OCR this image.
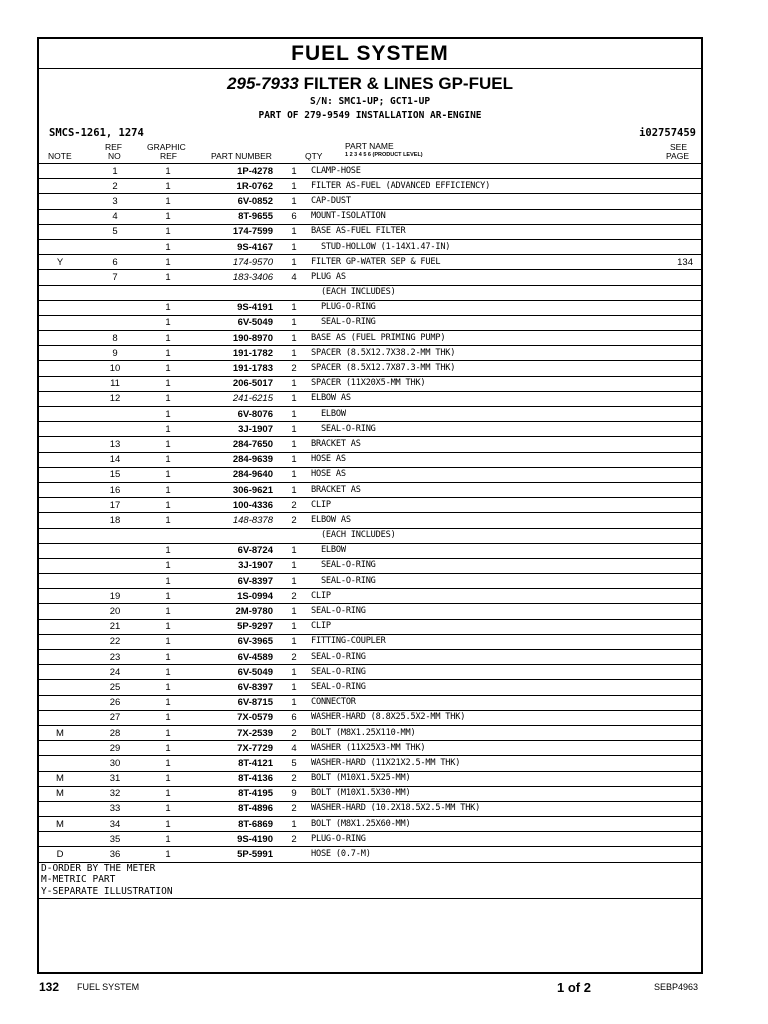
FUEL SYSTEM
295-7933 FILTER & LINES GP-FUEL
S/N: SMC1-UP; GCT1-UP
PART OF 279-9549 INSTALLATION AR-ENGINE
SMCS-1261, 1274	i02757459
NOTE
REF
NO
GRAPHIC
REF	PART NUMBER	QTY
PART NAME
1 2 3 4 5 6 (PRODUCT LEVEL)
SEE
PAGE
	1	1	1P-4278	1	CLAMP-HOSE	
	2	1	1R-0762	1	FILTER AS-FUEL (ADVANCED EFFICIENCY)	
	3	1	6V-0852	1	CAP-DUST	
	4	1	8T-9655	6	MOUNT-ISOLATION	
	5	1	174-7599	1	BASE AS-FUEL FILTER	
		1	9S-4167	1	STUD-HOLLOW (1-14X1.47-IN)	
Y	6	1	174-9570	1	FILTER GP-WATER SEP & FUEL	134
	7	1	183-3406	4	PLUG AS	
					(EACH INCLUDES)	
		1	9S-4191	1	PLUG-O-RING	
		1	6V-5049	1	SEAL-O-RING	
	8	1	190-8970	1	BASE AS (FUEL PRIMING PUMP)	
	9	1	191-1782	1	SPACER (8.5X12.7X38.2-MM THK)	
	10	1	191-1783	2	SPACER (8.5X12.7X87.3-MM THK)	
	11	1	206-5017	1	SPACER (11X20X5-MM THK)	
	12	1	241-6215	1	ELBOW AS	
		1	6V-8076	1	ELBOW	
		1	3J-1907	1	SEAL-O-RING	
	13	1	284-7650	1	BRACKET AS	
	14	1	284-9639	1	HOSE AS	
	15	1	284-9640	1	HOSE AS	
	16	1	306-9621	1	BRACKET AS	
	17	1	100-4336	2	CLIP	
	18	1	148-8378	2	ELBOW AS	
					(EACH INCLUDES)	
		1	6V-8724	1	ELBOW	
		1	3J-1907	1	SEAL-O-RING	
		1	6V-8397	1	SEAL-O-RING	
	19	1	1S-0994	2	CLIP	
	20	1	2M-9780	1	SEAL-O-RING	
	21	1	5P-9297	1	CLIP	
	22	1	6V-3965	1	FITTING-COUPLER	
	23	1	6V-4589	2	SEAL-O-RING	
	24	1	6V-5049	1	SEAL-O-RING	
	25	1	6V-8397	1	SEAL-O-RING	
	26	1	6V-8715	1	CONNECTOR	
	27	1	7X-0579	6	WASHER-HARD (8.8X25.5X2-MM THK)	
M	28	1	7X-2539	2	BOLT (M8X1.25X110-MM)	
	29	1	7X-7729	4	WASHER (11X25X3-MM THK)	
	30	1	8T-4121	5	WASHER-HARD (11X21X2.5-MM THK)	
M	31	1	8T-4136	2	BOLT (M10X1.5X25-MM)	
M	32	1	8T-4195	9	BOLT (M10X1.5X30-MM)	
	33	1	8T-4896	2	WASHER-HARD (10.2X18.5X2.5-MM THK)	
M	34	1	8T-6869	1	BOLT (M8X1.25X60-MM)	
	35	1	9S-4190	2	PLUG-O-RING	
D	36	1	5P-5991		HOSE (0.7-M)	
D-ORDER BY THE METER
M-METRIC PART
Y-SEPARATE ILLUSTRATION
132 FUEL SYSTEM	1 of 2	SEBP4963
